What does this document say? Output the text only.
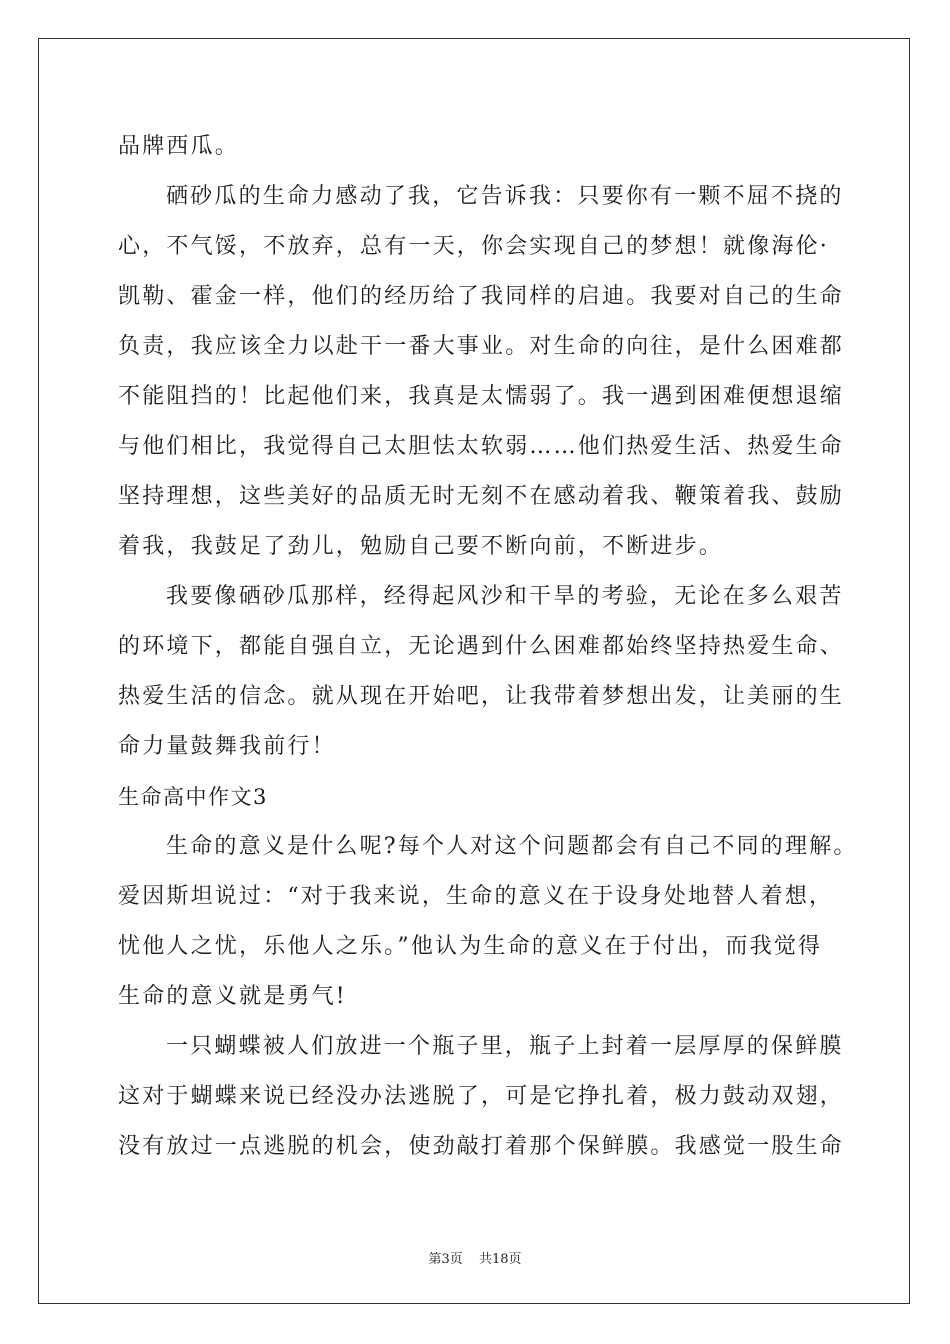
品牌西瓜。
硒砂瓜的生命力感动了我，它告诉我：只要你有一颗不屈不挠的
心，不气馁，不放弃，总有一天，你会实现自己的梦想！就像海伦·
凯勒、霍金一样，他们的经历给了我同样的启迪。我要对自己的生命
负责，我应该全力以赴干一番大事业。对生命的向往，是什么困难都
不能阻挡的！比起他们来，我真是太懦弱了。我一遇到困难便想退缩
与他们相比，我觉得自己太胆怯太软弱……他们热爱生活、热爱生命
坚持理想，这些美好的品质无时无刻不在感动着我、鞭策着我、鼓励
着我，我鼓足了劲儿，勉励自己要不断向前，不断进步。
我要像硒砂瓜那样，经得起风沙和干旱的考验，无论在多么艰苦
的环境下，都能自强自立，无论遇到什么困难都始终坚持热爱生命、
热爱生活的信念。就从现在开始吧，让我带着梦想出发，让美丽的生
命力量鼓舞我前行！
生命高中作文3
生命的意义是什么呢?每个人对这个问题都会有自己不同的理解。
爱因斯坦说过：“对于我来说，生命的意义在于设身处地替人着想，
忧他人之忧，乐他人之乐。”他认为生命的意义在于付出，而我觉得
生命的意义就是勇气!
一只蝴蝶被人们放进一个瓶子里，瓶子上封着一层厚厚的保鲜膜
这对于蝴蝶来说已经没办法逃脱了，可是它挣扎着，极力鼓动双翅，
没有放过一点逃脱的机会，使劲敲打着那个保鲜膜。我感觉一股生命
第3页 共18页
